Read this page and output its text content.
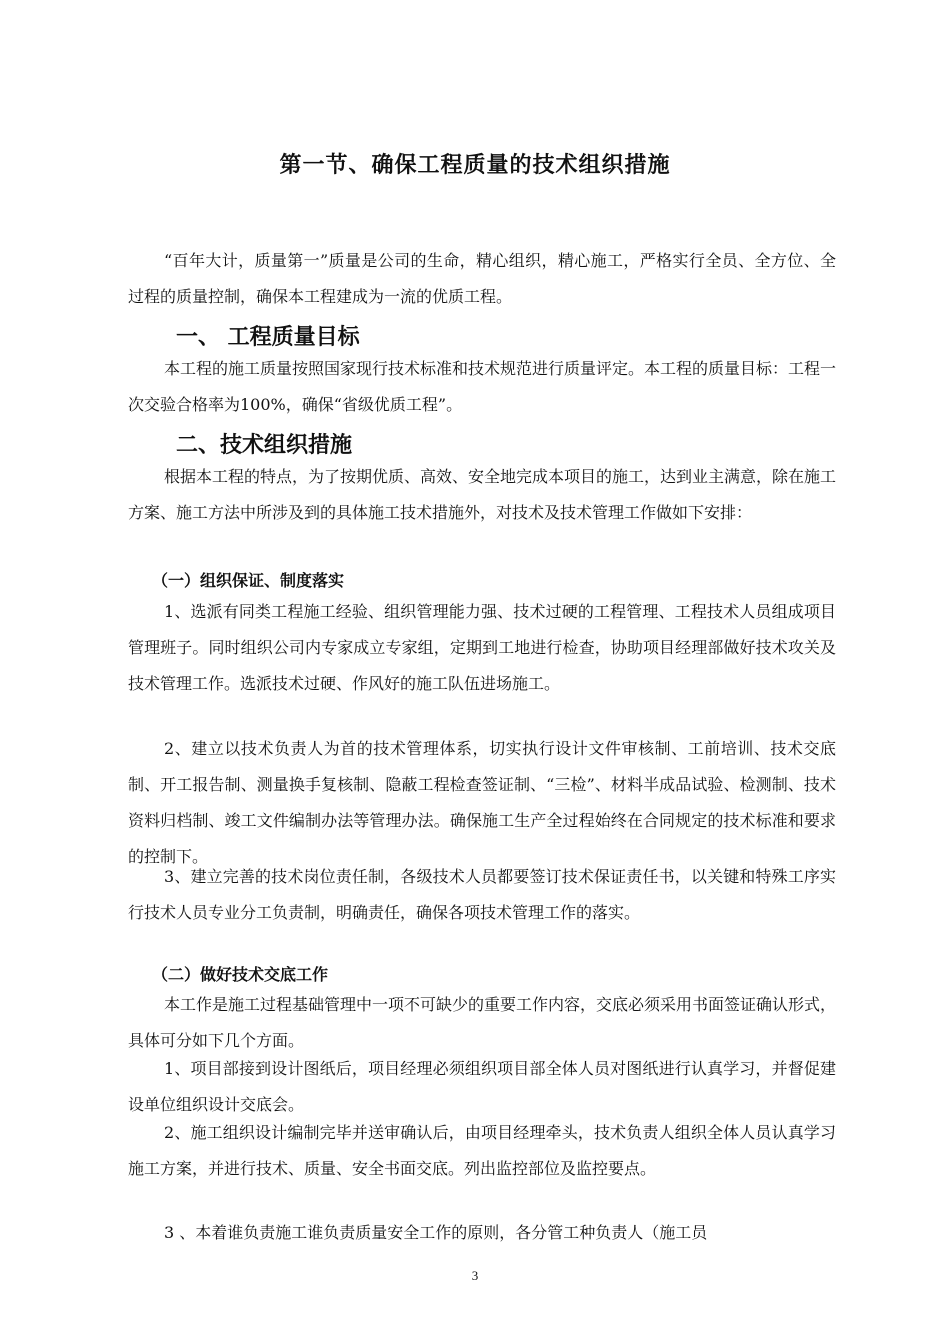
第一节、确保工程质量的技术组织措施

“百年大计，质量第一”质量是公司的生命，精心组织，精心施工，严格实行全员、全方位、全过程的质量控制，确保本工程建成为一流的优质工程。

一、 工程质量目标

本工程的施工质量按照国家现行技术标准和技术规范进行质量评定。本工程的质量目标：工程一次交验合格率为100%，确保“省级优质工程”。

二、技术组织措施

根据本工程的特点，为了按期优质、高效、安全地完成本项目的施工，达到业主满意，除在施工方案、施工方法中所涉及到的具体施工技术措施外，对技术及技术管理工作做如下安排：

（一）组织保证、制度落实

1、选派有同类工程施工经验、组织管理能力强、技术过硬的工程管理、工程技术人员组成项目管理班子。同时组织公司内专家成立专家组，定期到工地进行检查，协助项目经理部做好技术攻关及技术管理工作。选派技术过硬、作风好的施工队伍进场施工。

2、建立以技术负责人为首的技术管理体系，切实执行设计文件审核制、工前培训、技术交底制、开工报告制、测量换手复核制、隐蔽工程检查签证制、“三检”、材料半成品试验、检测制、技术资料归档制、竣工文件编制办法等管理办法。确保施工生产全过程始终在合同规定的技术标准和要求的控制下。

3、建立完善的技术岗位责任制，各级技术人员都要签订技术保证责任书，以关键和特殊工序实行技术人员专业分工负责制，明确责任，确保各项技术管理工作的落实。

（二）做好技术交底工作

本工作是施工过程基础管理中一项不可缺少的重要工作内容，交底必须采用书面签证确认形式，具体可分如下几个方面。

1、项目部接到设计图纸后，项目经理必须组织项目部全体人员对图纸进行认真学习，并督促建设单位组织设计交底会。

2、施工组织设计编制完毕并送审确认后，由项目经理牵头，技术负责人组织全体人员认真学习施工方案，并进行技术、质量、安全书面交底。列出监控部位及监控要点。

3 、本着谁负责施工谁负责质量安全工作的原则，各分管工种负责人（施工员

3
